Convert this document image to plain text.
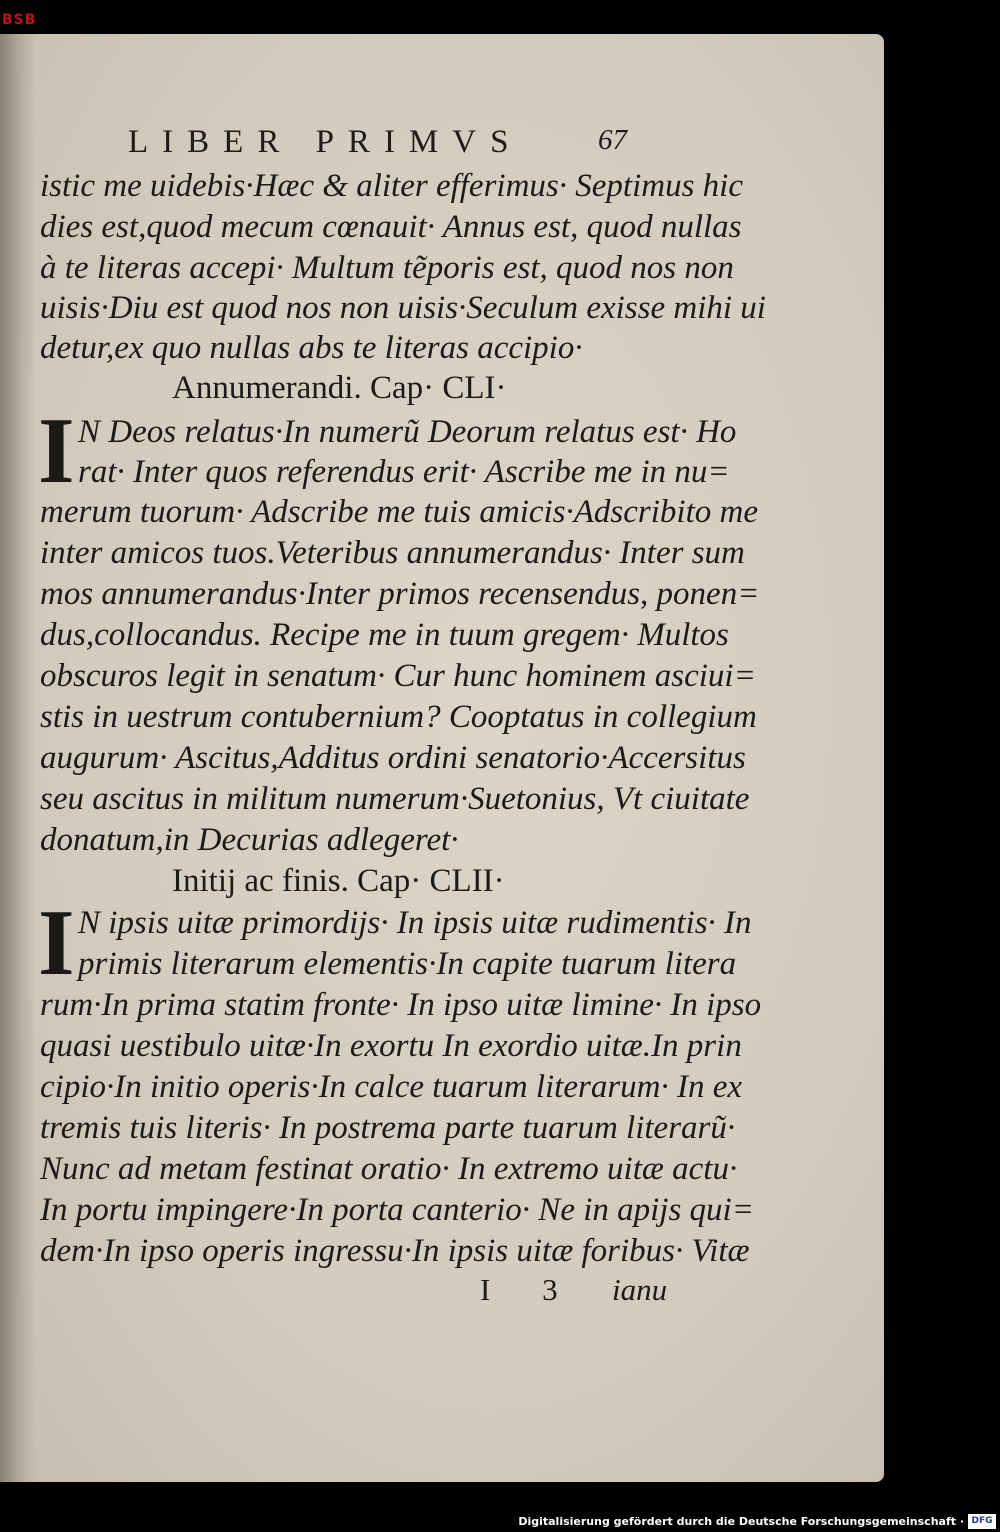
BSB
LIBER PRIMVS	67
istic me uidebis·Hæc & aliter efferimus· Septimus hic
dies est,quod mecum cœnauit· Annus est, quod nullas
à te literas accepi· Multum tẽporis est, quod nos non
uisis·Diu est quod nos non uisis·Seculum exisse mihi ui
detur,ex quo nullas abs te literas accipio·
Annumerandi. Cap· CLI·
I N Deos relatus·In numerũ Deorum relatus est· Ho
rat· Inter quos referendus erit· Ascribe me in nu=
merum tuorum· Adscribe me tuis amicis·Adscribito me
inter amicos tuos.Veteribus annumerandus· Inter sum
mos annumerandus·Inter primos recensendus, ponen=
dus,collocandus. Recipe me in tuum gregem· Multos
obscuros legit in senatum· Cur hunc hominem asciui=
stis in uestrum contubernium? Cooptatus in collegium
augurum· Ascitus,Additus ordini senatorio·Accersitus
seu ascitus in militum numerum·Suetonius, Vt ciuitate
donatum,in Decurias adlegeret·
Initij ac finis. Cap· CLII·
I N ipsis uitæ primordijs· In ipsis uitæ rudimentis· In
primis literarum elementis·In capite tuarum litera
rum·In prima statim fronte· In ipso uitæ limine· In ipso
quasi uestibulo uitæ·In exortu In exordio uitæ.In prin
cipio·In initio operis·In calce tuarum literarum· In ex
tremis tuis literis· In postrema parte tuarum literarũ·
Nunc ad metam festinat oratio· In extremo uitæ actu·
In portu impingere·In porta canterio· Ne in apijs qui=
dem·In ipso operis ingressu·In ipsis uitæ foribus· Vitæ
I 3 ianu
Digitalisierung gefördert durch die Deutsche Forschungsgemeinschaft · DFG
